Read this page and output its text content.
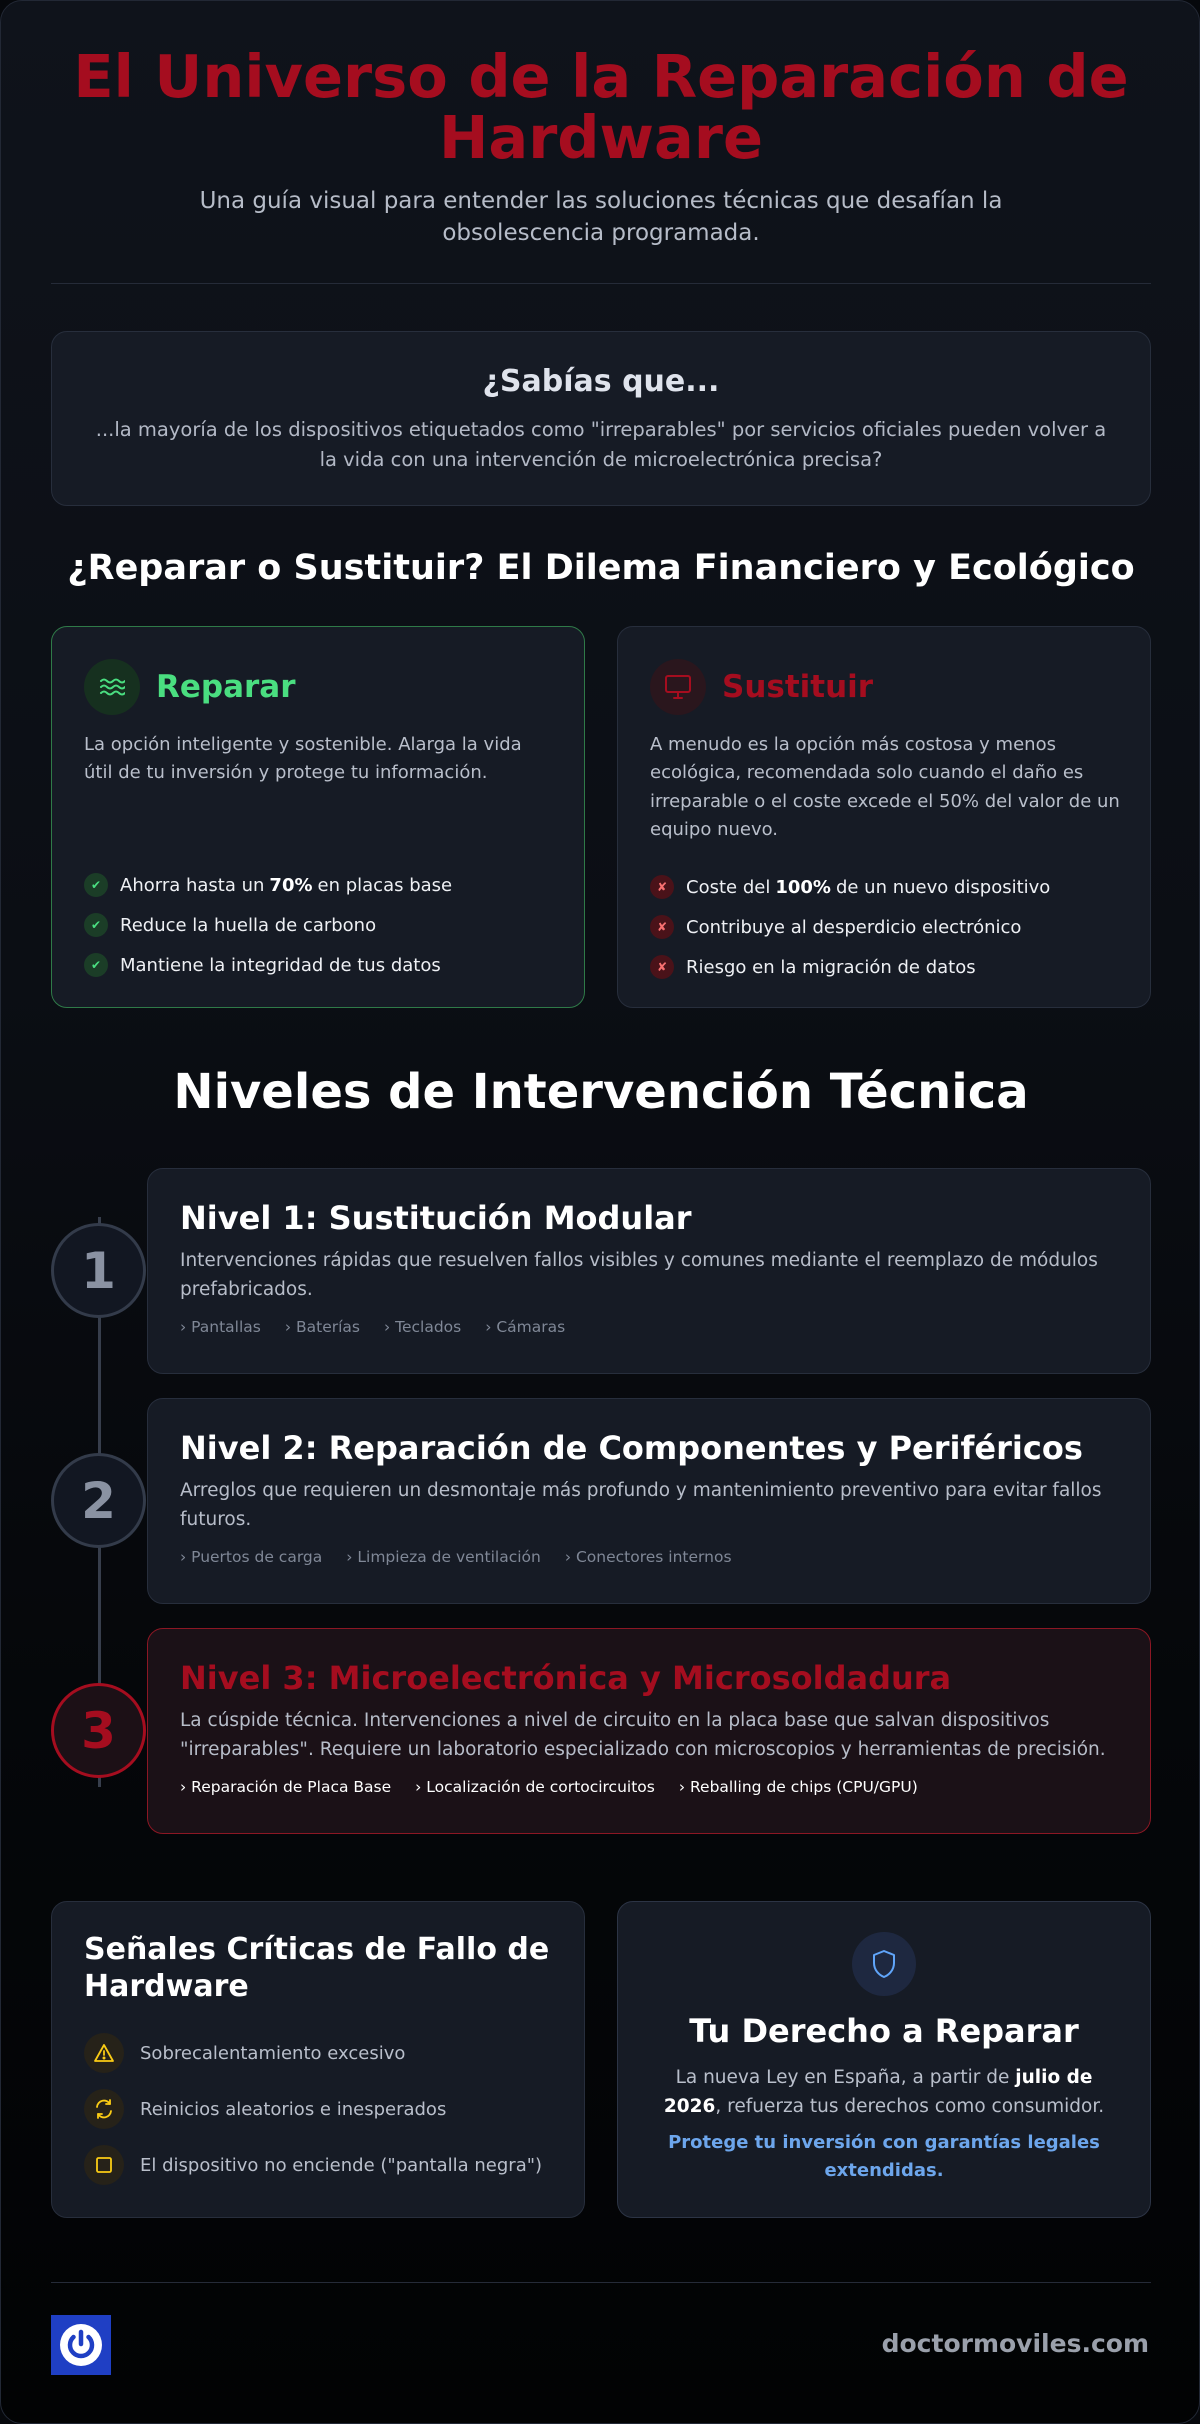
El Universo de la Reparación de Hardware

Una guía visual para entender las soluciones técnicas que desafían la obsolescencia programada.

¿Sabías que...
...la mayoría de los dispositivos etiquetados como "irreparables" por servicios oficiales pueden volver a la vida con una intervención de microelectrónica precisa?
¿Reparar o Sustituir? El Dilema Financiero y Ecológico
Reparar
La opción inteligente y sostenible. Alarga la vida útil de tu inversión y protege tu información.
✔	Ahorra hasta un 70% en placas base
✔	Reduce la huella de carbono
✔	Mantiene la integridad de tus datos
Sustituir
A menudo es la opción más costosa y menos ecológica, recomendada solo cuando el daño es irreparable o el coste excede el 50% del valor de un equipo nuevo.
✘	Coste del 100% de un nuevo dispositivo
✘	Contribuye al desperdicio electrónico
✘	Riesgo en la migración de datos
Niveles de Intervención Técnica
1
Nivel 1: Sustitución Modular
Intervenciones rápidas que resuelven fallos visibles y comunes mediante el reemplazo de módulos prefabricados.
› Pantallas › Baterías › Teclados › Cámaras
2
Nivel 2: Reparación de Componentes y Periféricos
Arreglos que requieren un desmontaje más profundo y mantenimiento preventivo para evitar fallos futuros.
› Puertos de carga › Limpieza de ventilación › Conectores internos
3
Nivel 3: Microelectrónica y Microsoldadura
La cúspide técnica. Intervenciones a nivel de circuito en la placa base que salvan dispositivos "irreparables". Requiere un laboratorio especializado con microscopios y herramientas de precisión.
› Reparación de Placa Base › Localización de cortocircuitos › Reballing de chips (CPU/GPU)
Señales Críticas de Fallo de Hardware
Sobrecalentamiento excesivo
Reinicios aleatorios e inesperados
El dispositivo no enciende ("pantalla negra")
Tu Derecho a Reparar
La nueva Ley en España, a partir de julio de 2026, refuerza tus derechos como consumidor.
Protege tu inversión con garantías legales extendidas.
doctormoviles.com
